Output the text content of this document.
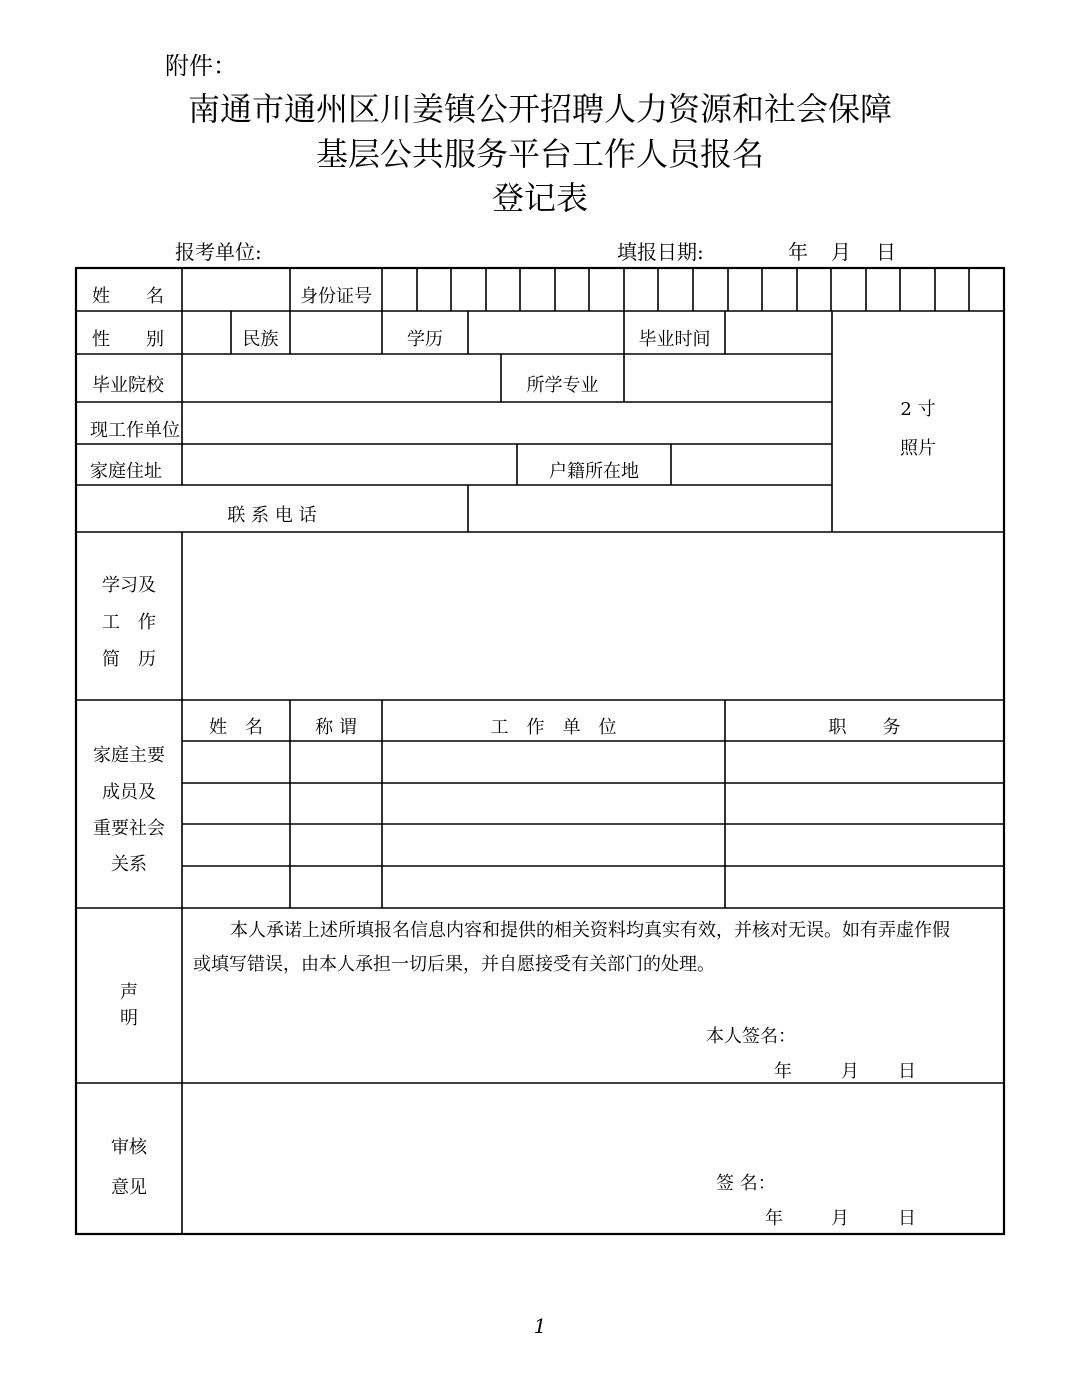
附件：
南通市通州区川姜镇公开招聘人力资源和社会保障
基层公共服务平台工作人员报名
登记表
报考单位:	填报日期:	年 月 日
姓　　名	身份证号
性　　别	民族	学历	毕业时间
毕业院校	所学专业
2 寸
照片
现工作单位
家庭住址	户籍所在地
联 系 电 话
学习及
工　作
简　历
家庭主要
成员及
重要社会
关系
姓　名	称 谓	工　作　单　位	职　　务
声
明
本人承诺上述所填报名信息内容和提供的相关资料均真实有效，并核对无误。如有弄虚作假
或填写错误，由本人承担一切后果，并自愿接受有关部门的处理。
本人签名：
年	月 日
审核
意见	签 名：
年	月	日
1
